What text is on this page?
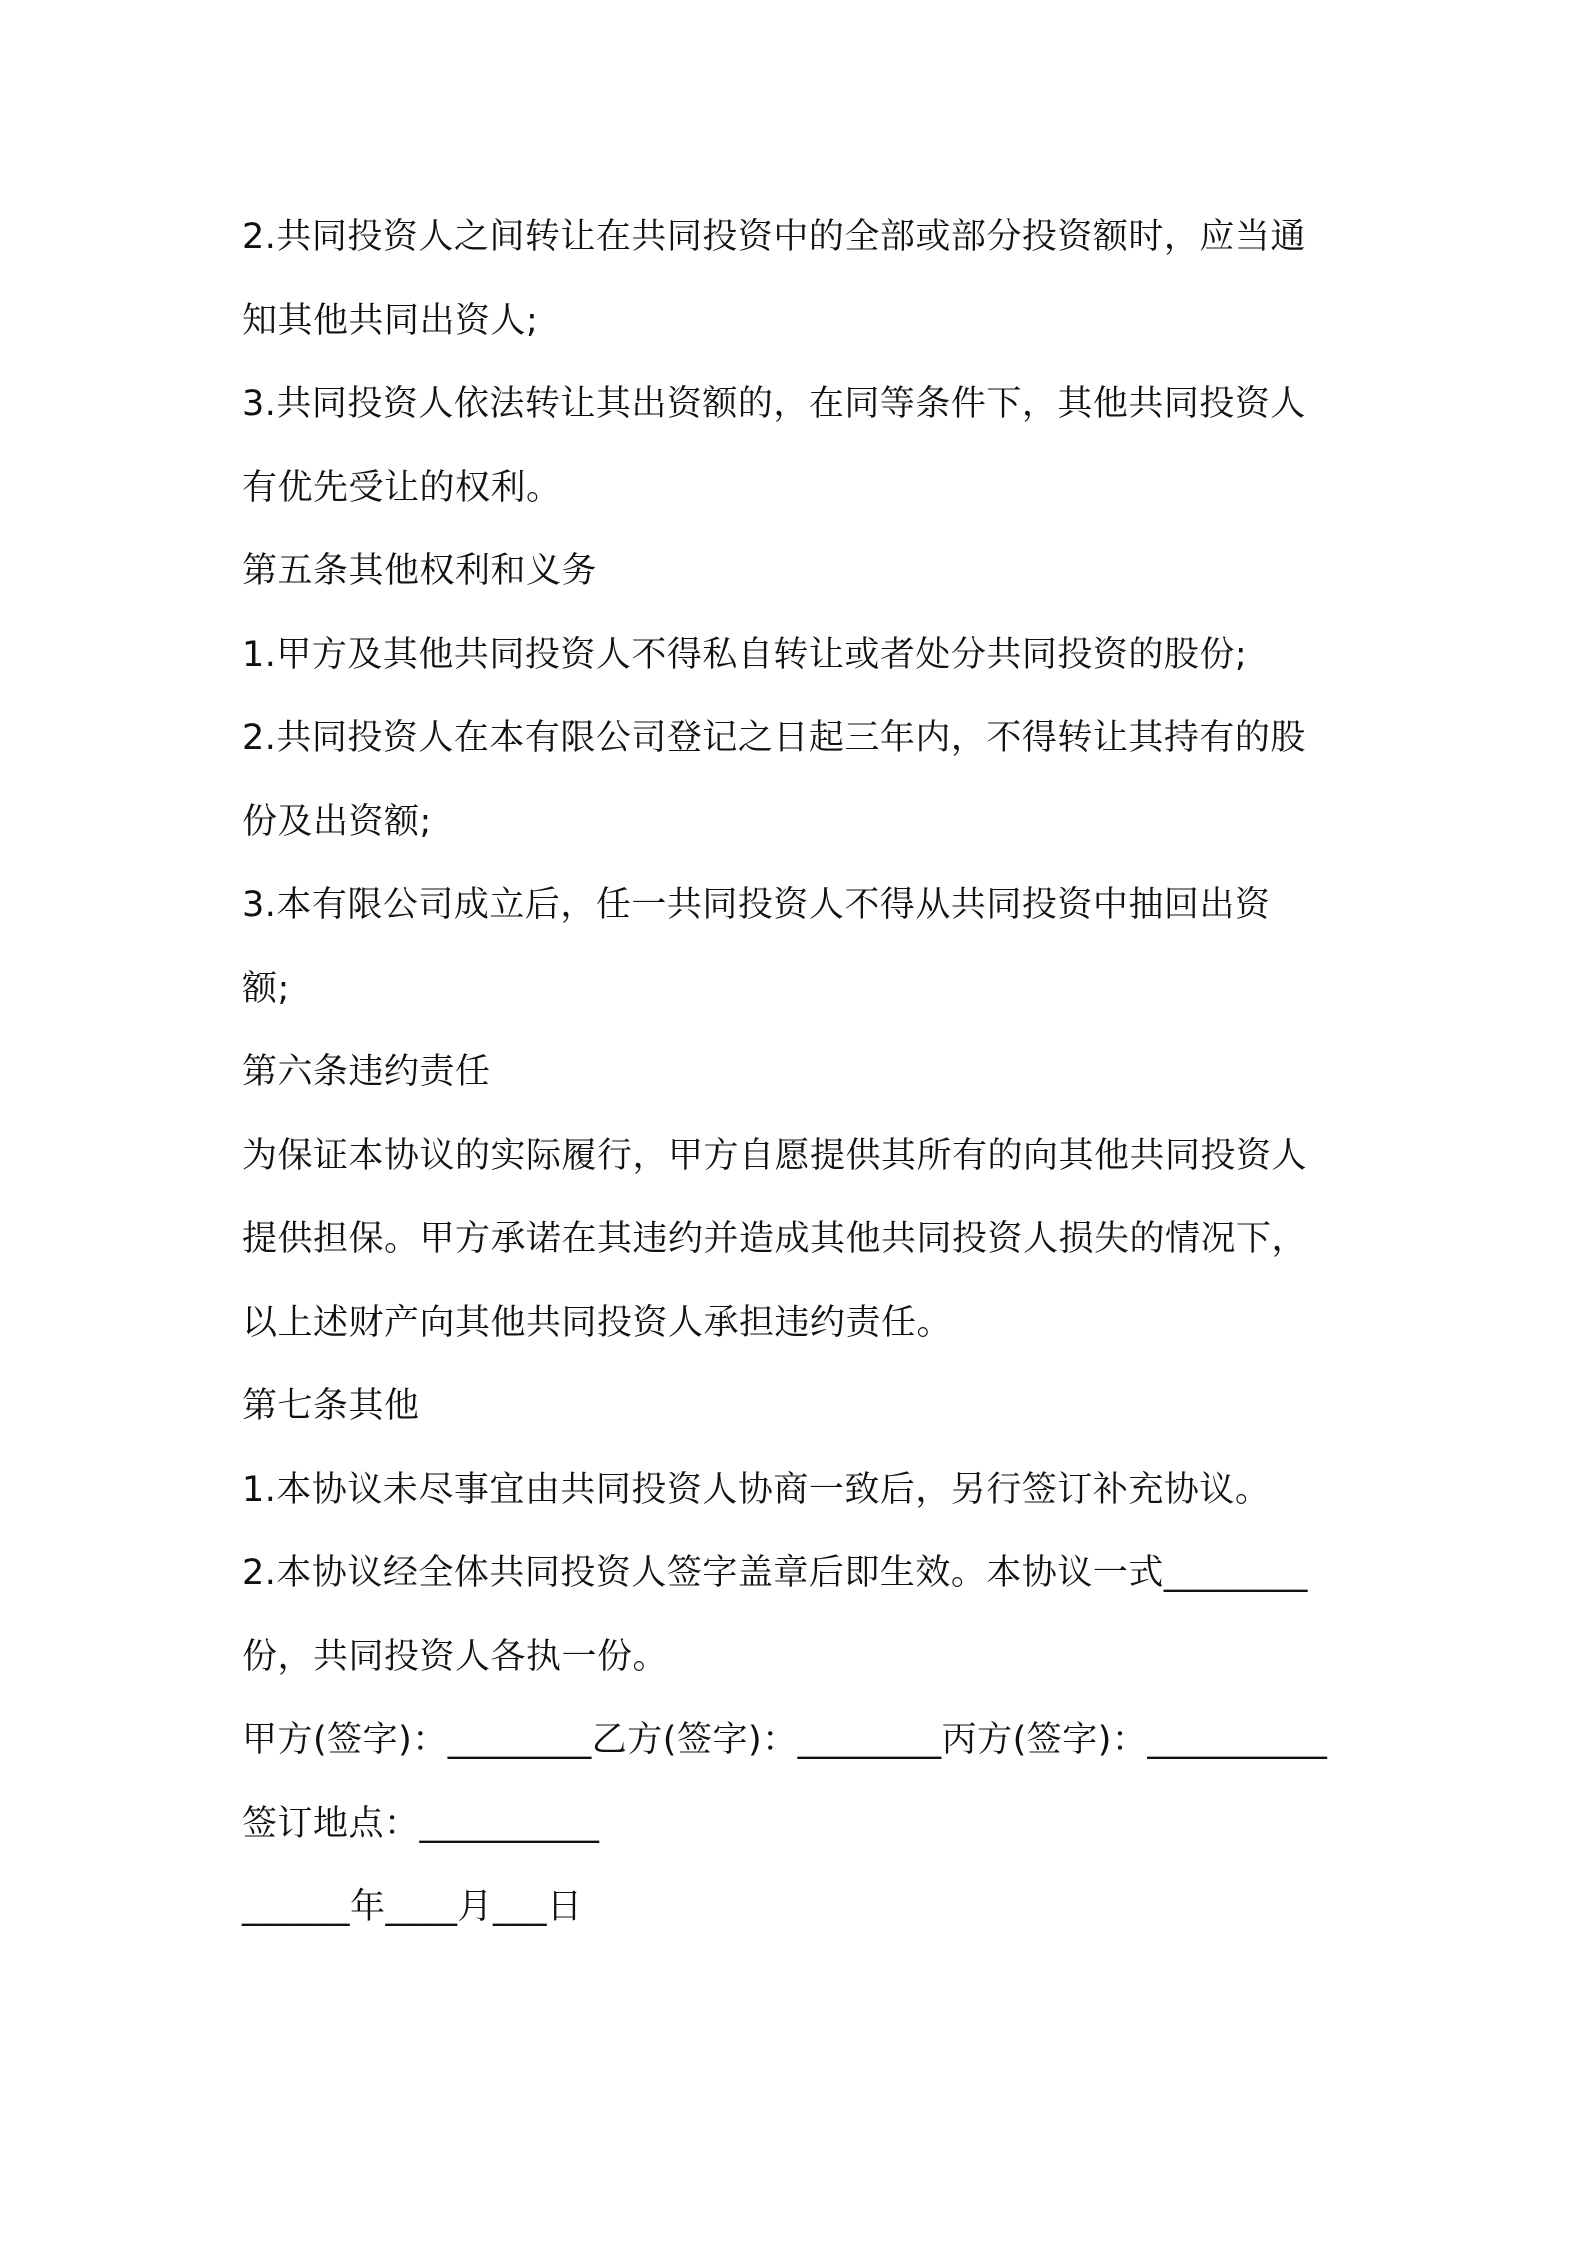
2.共同投资人之间转让在共同投资中的全部或部分投资额时，应当通
知其他共同出资人;
3.共同投资人依法转让其出资额的，在同等条件下，其他共同投资人
有优先受让的权利。
第五条其他权利和义务
1.甲方及其他共同投资人不得私自转让或者处分共同投资的股份;
2.共同投资人在本有限公司登记之日起三年内，不得转让其持有的股
份及出资额;
3.本有限公司成立后，任一共同投资人不得从共同投资中抽回出资
额;
第六条违约责任
为保证本协议的实际履行，甲方自愿提供其所有的向其他共同投资人
提供担保。甲方承诺在其违约并造成其他共同投资人损失的情况下，
以上述财产向其他共同投资人承担违约责任。
第七条其他
1.本协议未尽事宜由共同投资人协商一致后，另行签订补充协议。
2.本协议经全体共同投资人签字盖章后即生效。本协议一式________
份，共同投资人各执一份。
甲方(签字)：________乙方(签字)：________丙方(签字)：__________
签订地点：__________
______年____月___日
